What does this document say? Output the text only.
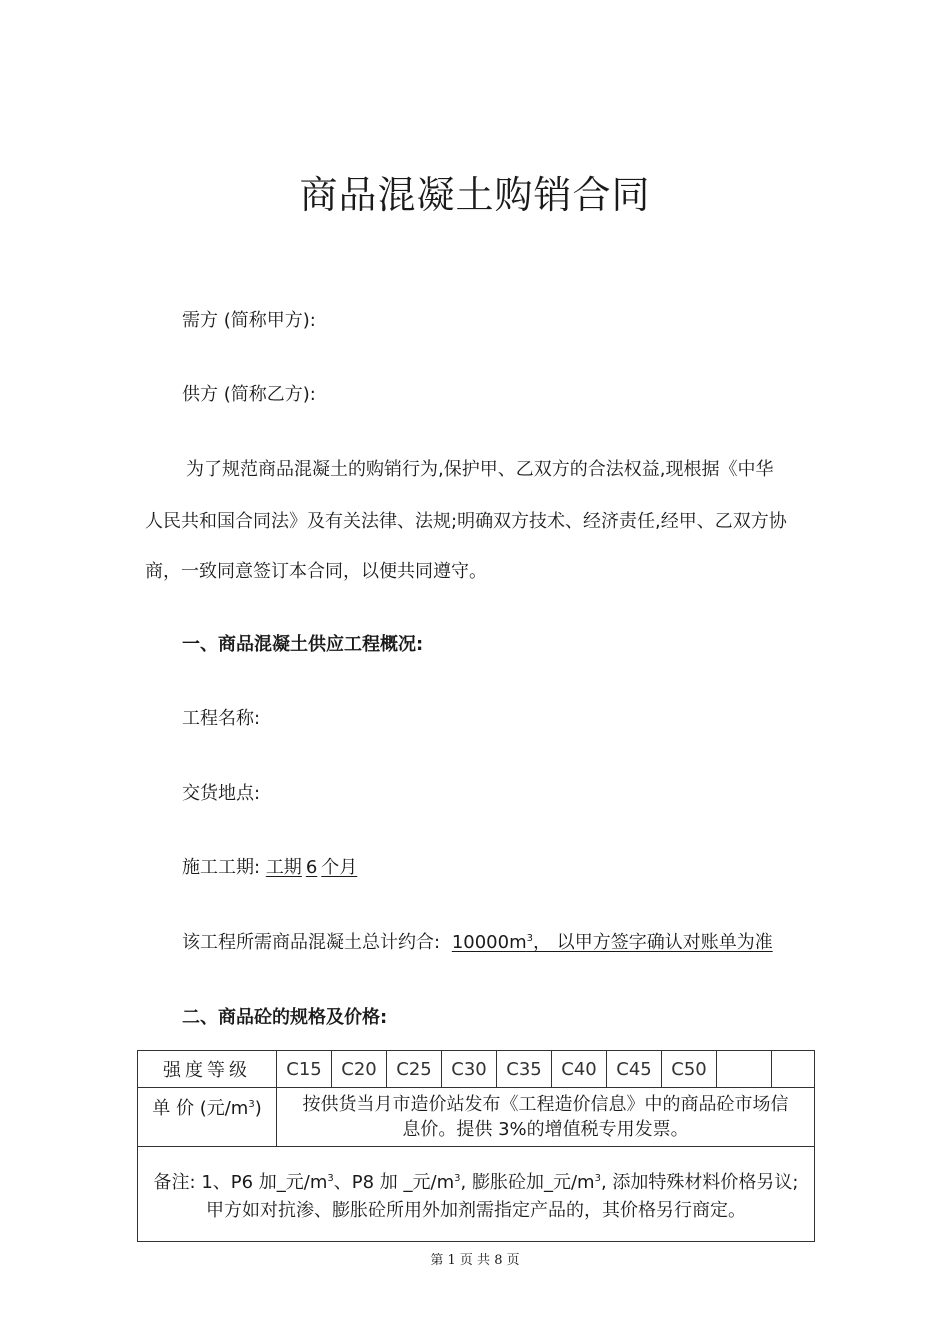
商品混凝土购销合同
需方 (简称甲方):
供方 (简称乙方):
为了规范商品混凝土的购销行为,保护甲、乙双方的合法权益,现根据《中华
人民共和国合同法》及有关法律、法规;明确双方技术、经济责任,经甲、乙双方协
商，一致同意签订本合同，以便共同遵守。
一、商品混凝土供应工程概况:
工程名称:
交货地点:
施工工期: 工期 6 个月
该工程所需商品混凝土总计约合: $10000m^3$， 以甲方签字确认对账单为准
二、商品砼的规格及价格:
强度等级	C15	C20	C25	C30	C35	C40	C45	C50		
单 价 (元$/m^3$)	按供货当月市造价站发布《工程造价信息》中的商品砼市场信
息价。提供 3%的增值税专用发票。									

备注: 1、P6 加_元$/m^3$、P8 加 _元$/m^3$, 膨胀砼加_元$/m^3$, 添加特殊材料价格另议;
甲方如对抗渗、膨胀砼所用外加剂需指定产品的，其价格另行商定。										
第 1 页 共 8 页
